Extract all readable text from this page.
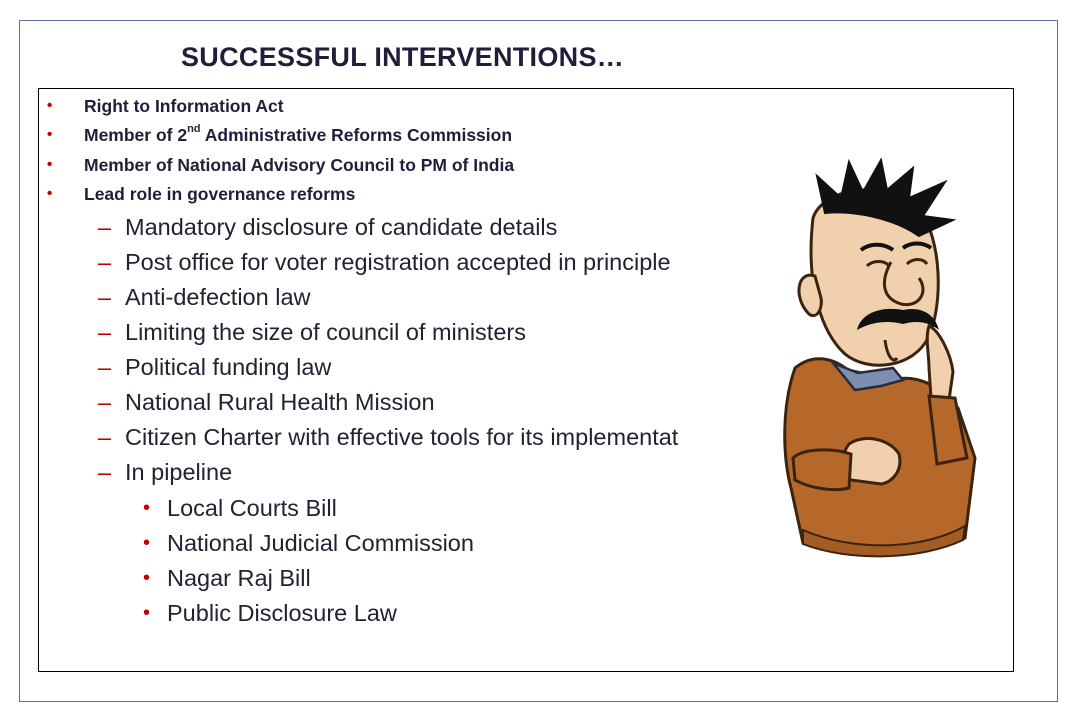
SUCCESSFUL INTERVENTIONS…
• Right to Information Act
• Member of 2nd Administrative Reforms Commission
• Member of National Advisory Council to PM of India
• Lead role in governance reforms
– Mandatory disclosure of candidate details
– Post office for voter registration accepted in principle
– Anti-defection law
– Limiting the size of council of ministers
– Political funding law
– National Rural Health Mission
– Citizen Charter with effective tools for its implementat
– In pipeline
• Local Courts Bill
• National Judicial Commission
• Nagar Raj Bill
• Public Disclosure Law
